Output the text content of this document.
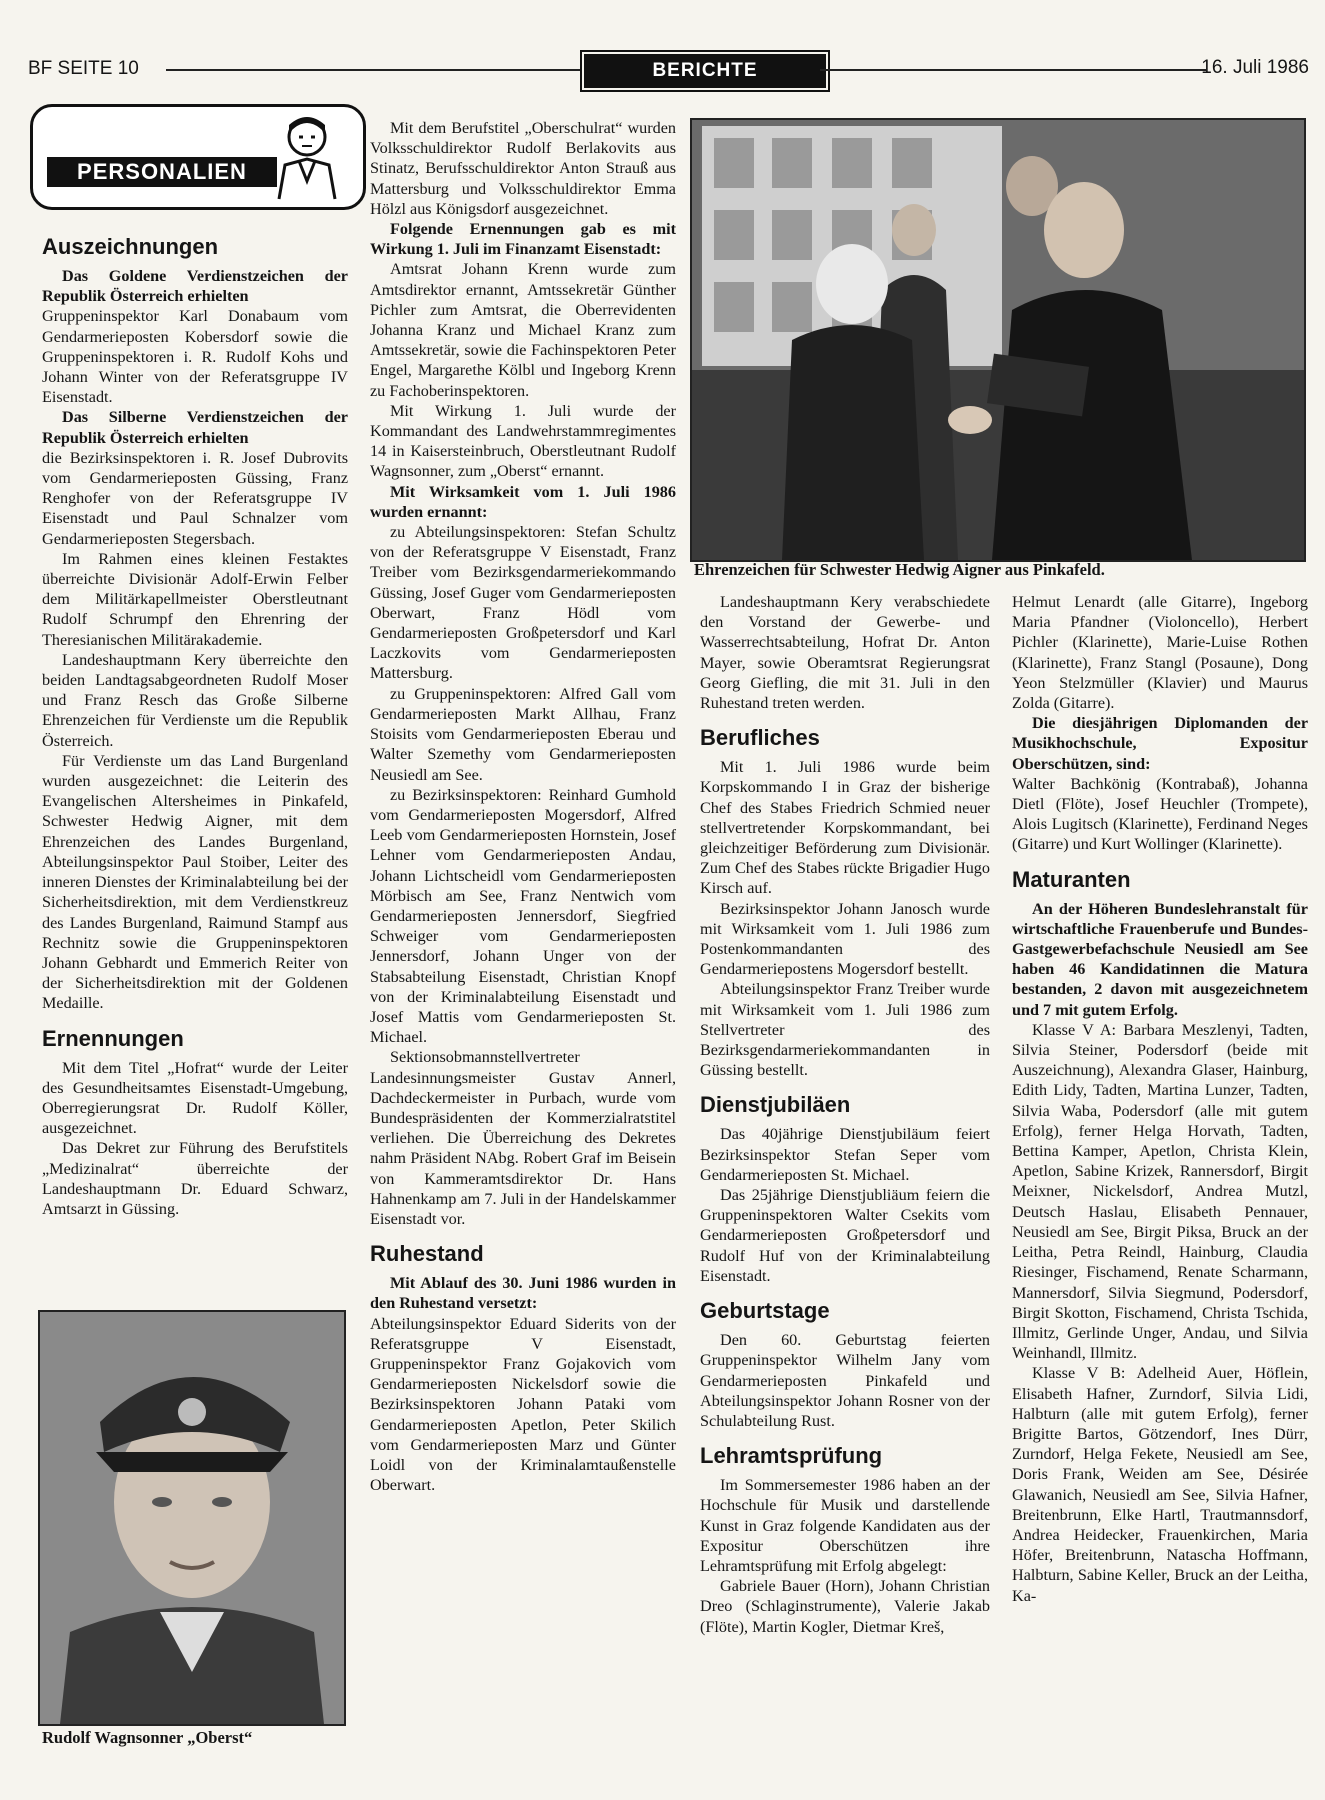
BF SEITE 10	BERICHTE	16. Juli 1986
PERSONALIEN
Auszeichnungen

Das Goldene Verdienstzeichen der Republik Österreich erhielten

Gruppeninspektor Karl Donabaum vom Gendarmerieposten Kobersdorf sowie die Gruppeninspektoren i. R. Rudolf Kohs und Johann Winter von der Referatsgruppe IV Eisenstadt.

Das Silberne Verdienstzeichen der Republik Österreich erhielten

die Bezirksinspektoren i. R. Josef Dubrovits vom Gendarmerieposten Güssing, Franz Renghofer von der Referatsgruppe IV Eisenstadt und Paul Schnalzer vom Gendarmerieposten Stegersbach.

Im Rahmen eines kleinen Festaktes überreichte Divisionär Adolf-Erwin Felber dem Militärkapellmeister Oberstleutnant Rudolf Schrumpf den Ehrenring der Theresianischen Militärakademie.

Landeshauptmann Kery überreichte den beiden Landtagsabgeordneten Rudolf Moser und Franz Resch das Große Silberne Ehrenzeichen für Verdienste um die Republik Österreich.

Für Verdienste um das Land Burgenland wurden ausgezeichnet: die Leiterin des Evangelischen Altersheimes in Pinkafeld, Schwester Hedwig Aigner, mit dem Ehrenzeichen des Landes Burgenland, Abteilungsinspektor Paul Stoiber, Leiter des inneren Dienstes der Kriminalabteilung bei der Sicherheitsdirektion, mit dem Verdienstkreuz des Landes Burgenland, Raimund Stampf aus Rechnitz sowie die Gruppeninspektoren Johann Gebhardt und Emmerich Reiter von der Sicherheitsdirektion mit der Goldenen Medaille.

Ernennungen

Mit dem Titel „Hofrat“ wurde der Leiter des Gesundheitsamtes Eisenstadt-Umgebung, Oberregierungsrat Dr. Rudolf Köller, ausgezeichnet.

Das Dekret zur Führung des Berufstitels „Medizinalrat“ überreichte der Landeshauptmann Dr. Eduard Schwarz, Amtsarzt in Güssing.

Mit dem Berufstitel „Oberschulrat“ wurden Volksschuldirektor Rudolf Berlakovits aus Stinatz, Berufsschuldirektor Anton Strauß aus Mattersburg und Volksschuldirektor Emma Hölzl aus Königsdorf ausgezeichnet.

Folgende Ernennungen gab es mit Wirkung 1. Juli im Finanzamt Eisenstadt:

Amtsrat Johann Krenn wurde zum Amtsdirektor ernannt, Amtssekretär Günther Pichler zum Amtsrat, die Oberrevidenten Johanna Kranz und Michael Kranz zum Amtssekretär, sowie die Fachinspektoren Peter Engel, Margarethe Kölbl und Ingeborg Krenn zu Fachoberinspektoren.

Mit Wirkung 1. Juli wurde der Kommandant des Landwehrstammregimentes 14 in Kaisersteinbruch, Oberstleutnant Rudolf Wagnsonner, zum „Oberst“ ernannt.

Mit Wirksamkeit vom 1. Juli 1986 wurden ernannt:

zu Abteilungsinspektoren: Stefan Schultz von der Referatsgruppe V Eisenstadt, Franz Treiber vom Bezirksgendarmeriekommando Güssing, Josef Guger vom Gendarmerieposten Oberwart, Franz Hödl vom Gendarmerieposten Großpetersdorf und Karl Laczkovits vom Gendarmerieposten Mattersburg.

zu Gruppeninspektoren: Alfred Gall vom Gendarmerieposten Markt Allhau, Franz Stoisits vom Gendarmerieposten Eberau und Walter Szemethy vom Gendarmerieposten Neusiedl am See.

zu Bezirksinspektoren: Reinhard Gumhold vom Gendarmerieposten Mogersdorf, Alfred Leeb vom Gendarmerieposten Hornstein, Josef Lehner vom Gendarmerieposten Andau, Johann Lichtscheidl vom Gendarmerieposten Mörbisch am See, Franz Nentwich vom Gendarmerieposten Jennersdorf, Siegfried Schweiger vom Gendarmerieposten Jennersdorf, Johann Unger von der Stabsabteilung Eisenstadt, Christian Knopf von der Kriminalabteilung Eisenstadt und Josef Mattis vom Gendarmerieposten St. Michael.

Sektionsobmannstellvertreter Landesinnungsmeister Gustav Annerl, Dachdeckermeister in Purbach, wurde vom Bundespräsidenten der Kommerzialratstitel verliehen. Die Überreichung des Dekretes nahm Präsident NAbg. Robert Graf im Beisein von Kammeramtsdirektor Dr. Hans Hahnenkamp am 7. Juli in der Handelskammer Eisenstadt vor.

Ruhestand

Mit Ablauf des 30. Juni 1986 wurden in den Ruhestand versetzt:

Abteilungsinspektor Eduard Siderits von der Referatsgruppe V Eisenstadt, Gruppeninspektor Franz Gojakovich vom Gendarmerieposten Nickelsdorf sowie die Bezirksinspektoren Johann Pataki vom Gendarmerieposten Apetlon, Peter Skilich vom Gendarmerieposten Marz und Günter Loidl von der Kriminalamtaußenstelle Oberwart.

Ehrenzeichen für Schwester Hedwig Aigner aus Pinkafeld.
Rudolf Wagnsonner „Oberst“

Landeshauptmann Kery verabschiedete den Vorstand der Gewerbe- und Wasserrechtsabteilung, Hofrat Dr. Anton Mayer, sowie Oberamtsrat Regierungsrat Georg Giefling, die mit 31. Juli in den Ruhestand treten werden.

Berufliches

Mit 1. Juli 1986 wurde beim Korpskommando I in Graz der bisherige Chef des Stabes Friedrich Schmied neuer stellvertretender Korpskommandant, bei gleichzeitiger Beförderung zum Divisionär. Zum Chef des Stabes rückte Brigadier Hugo Kirsch auf.

Bezirksinspektor Johann Janosch wurde mit Wirksamkeit vom 1. Juli 1986 zum Postenkommandanten des Gendarmeriepostens Mogersdorf bestellt.

Abteilungsinspektor Franz Treiber wurde mit Wirksamkeit vom 1. Juli 1986 zum Stellvertreter des Bezirksgendarmeriekommandanten in Güssing bestellt.

Dienstjubiläen

Das 40jährige Dienstjubiläum feiert Bezirksinspektor Stefan Seper vom Gendarmerieposten St. Michael.

Das 25jährige Dienstjubliäum feiern die Gruppeninspektoren Walter Csekits vom Gendarmerieposten Großpetersdorf und Rudolf Huf von der Kriminalabteilung Eisenstadt.

Geburtstage

Den 60. Geburtstag feierten Gruppeninspektor Wilhelm Jany vom Gendarmerieposten Pinkafeld und Abteilungsinspektor Johann Rosner von der Schulabteilung Rust.

Lehramtsprüfung

Im Sommersemester 1986 haben an der Hochschule für Musik und darstellende Kunst in Graz folgende Kandidaten aus der Expositur Oberschützen ihre Lehramtsprüfung mit Erfolg abgelegt:

Gabriele Bauer (Horn), Johann Christian Dreo (Schlaginstrumente), Valerie Jakab (Flöte), Martin Kogler, Dietmar Kreš,

Helmut Lenardt (alle Gitarre), Ingeborg Maria Pfandner (Violoncello), Herbert Pichler (Klarinette), Marie-Luise Rothen (Klarinette), Franz Stangl (Posaune), Dong Yeon Stelzmüller (Klavier) und Maurus Zolda (Gitarre).

Die diesjährigen Diplomanden der Musikhochschule, Expositur Oberschützen, sind:

Walter Bachkönig (Kontrabaß), Johanna Dietl (Flöte), Josef Heuchler (Trompete), Alois Lugitsch (Klarinette), Ferdinand Neges (Gitarre) und Kurt Wollinger (Klarinette).

Maturanten

An der Höheren Bundeslehranstalt für wirtschaftliche Frauenberufe und Bundes-Gastgewerbefachschule Neusiedl am See haben 46 Kandidatinnen die Matura bestanden, 2 davon mit ausgezeichnetem und 7 mit gutem Erfolg.

Klasse V A: Barbara Meszlenyi, Tadten, Silvia Steiner, Podersdorf (beide mit Auszeichnung), Alexandra Glaser, Hainburg, Edith Lidy, Tadten, Martina Lunzer, Tadten, Silvia Waba, Podersdorf (alle mit gutem Erfolg), ferner Helga Horvath, Tadten, Bettina Kamper, Apetlon, Christa Klein, Apetlon, Sabine Krizek, Rannersdorf, Birgit Meixner, Nickelsdorf, Andrea Mutzl, Deutsch Haslau, Elisabeth Pennauer, Neusiedl am See, Birgit Piksa, Bruck an der Leitha, Petra Reindl, Hainburg, Claudia Riesinger, Fischamend, Renate Scharmann, Mannersdorf, Silvia Siegmund, Podersdorf, Birgit Skotton, Fischamend, Christa Tschida, Illmitz, Gerlinde Unger, Andau, und Silvia Weinhandl, Illmitz.

Klasse V B: Adelheid Auer, Höflein, Elisabeth Hafner, Zurndorf, Silvia Lidi, Halbturn (alle mit gutem Erfolg), ferner Brigitte Bartos, Götzendorf, Ines Dürr, Zurndorf, Helga Fekete, Neusiedl am See, Doris Frank, Weiden am See, Désirée Glawanich, Neusiedl am See, Silvia Hafner, Breitenbrunn, Elke Hartl, Trautmannsdorf, Andrea Heidecker, Frauenkirchen, Maria Höfer, Breitenbrunn, Natascha Hoffmann, Halbturn, Sabine Keller, Bruck an der Leitha, Ka-
